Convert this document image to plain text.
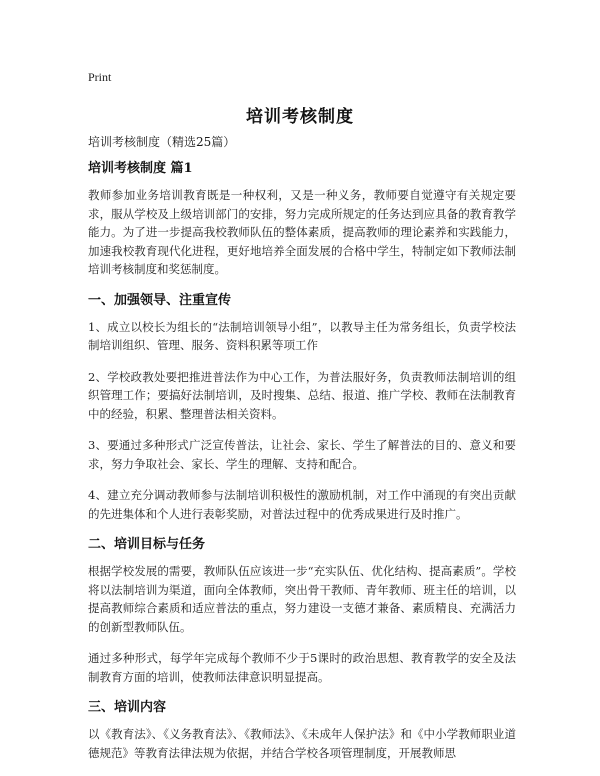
Print
培训考核制度

培训考核制度（精选25篇）

培训考核制度 篇1

教师参加业务培训教育既是一种权利，又是一种义务，教师要自觉遵守有关规定要求，服从学校及上级培训部门的安排，努力完成所规定的任务达到应具备的教育教学能力。为了进一步提高我校教师队伍的整体素质，提高教师的理论素养和实践能力，加速我校教育现代化进程，更好地培养全面发展的合格中学生，特制定如下教师法制培训考核制度和奖惩制度。

一、加强领导、注重宣传

1、成立以校长为组长的“法制培训领导小组”，以教导主任为常务组长，负责学校法制培训组织、管理、服务、资料积累等项工作

2、学校政教处要把推进普法作为中心工作，为普法服好务，负责教师法制培训的组织管理工作；要搞好法制培训，及时搜集、总结、报道、推广学校、教师在法制教育中的经验，积累、整理普法相关资料。

3、要通过多种形式广泛宣传普法，让社会、家长、学生了解普法的目的、意义和要求，努力争取社会、家长、学生的理解、支持和配合。

4、建立充分调动教师参与法制培训积极性的激励机制，对工作中涌现的有突出贡献的先进集体和个人进行表彰奖励，对普法过程中的优秀成果进行及时推广。

二、培训目标与任务

根据学校发展的需要，教师队伍应该进一步“充实队伍、优化结构、提高素质”。学校将以法制培训为渠道，面向全体教师，突出骨干教师、青年教师、班主任的培训，以提高教师综合素质和适应普法的重点，努力建设一支德才兼备、素质精良、充满活力的创新型教师队伍。

通过多种形式，每学年完成每个教师不少于5课时的政治思想、教育教学的安全及法制教育方面的培训，使教师法律意识明显提高。

三、培训内容

以《教育法》、《义务教育法》、《教师法》、《未成年人保护法》和《中小学教师职业道德规范》等教育法律法规为依据，并结合学校各项管理制度，开展教师思
